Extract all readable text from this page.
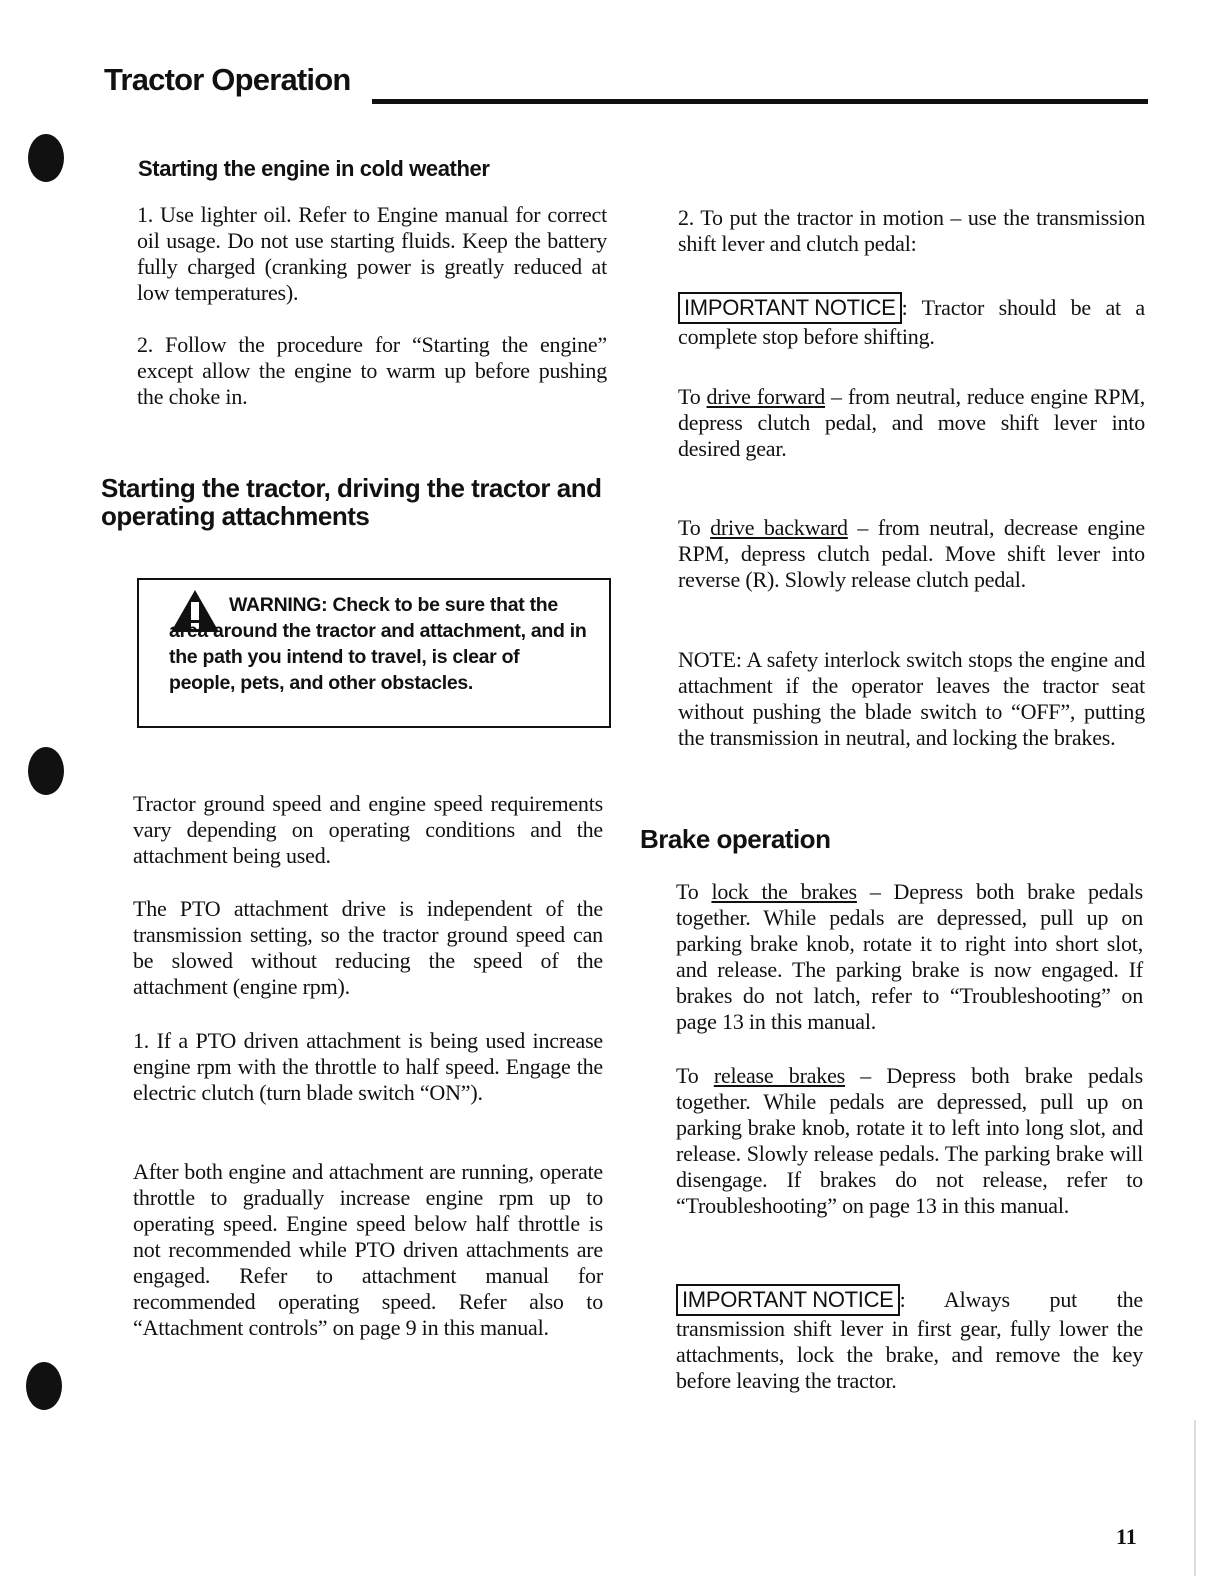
Tractor Operation
Starting the engine in cold weather

1. Use lighter oil. Refer to Engine manual for correct oil usage. Do not use starting fluids. Keep the battery fully charged (cranking power is greatly reduced at low temperatures).

2. Follow the procedure for “Starting the engine” except allow the engine to warm up before pushing the choke in.

Starting the tractor, driving the tractor and operating attachments
WARNING: Check to be sure that the area around the tractor and attachment, and in the path you intend to travel, is clear of people, pets, and other obstacles.

Tractor ground speed and engine speed requirements vary depending on operating conditions and the attachment being used.

The PTO attachment drive is independent of the transmission setting, so the tractor ground speed can be slowed without reducing the speed of the attachment (engine rpm).

1. If a PTO driven attachment is being used increase engine rpm with the throttle to half speed. Engage the electric clutch (turn blade switch “ON”).

After both engine and attachment are running, operate throttle to gradually increase engine rpm up to operating speed. Engine speed below half throttle is not recommended while PTO driven attachments are engaged. Refer to attachment manual for recommended operating speed. Refer also to “Attachment controls” on page 9 in this manual.

2. To put the tractor in motion – use the transmission shift lever and clutch pedal:

IMPORTANT NOTICE : Tractor should be at a complete stop before shifting.

To drive forward – from neutral, reduce engine RPM, depress clutch pedal, and move shift lever into desired gear.

To drive backward – from neutral, decrease engine RPM, depress clutch pedal. Move shift lever into reverse (R). Slowly release clutch pedal.

NOTE: A safety interlock switch stops the engine and attachment if the operator leaves the tractor seat without pushing the blade switch to “OFF”, putting the transmission in neutral, and locking the brakes.

Brake operation

To lock the brakes – Depress both brake pedals together. While pedals are depressed, pull up on parking brake knob, rotate it to right into short slot, and release. The parking brake is now engaged. If brakes do not latch, refer to “Troubleshooting” on page 13 in this manual.

To release brakes – Depress both brake pedals together. While pedals are depressed, pull up on parking brake knob, rotate it to left into long slot, and release. Slowly release pedals. The parking brake will disengage. If brakes do not release, refer to “Troubleshooting” on page 13 in this manual.

IMPORTANT NOTICE : Always put the transmission shift lever in first gear, fully lower the attachments, lock the brake, and remove the key before leaving the tractor.

11
